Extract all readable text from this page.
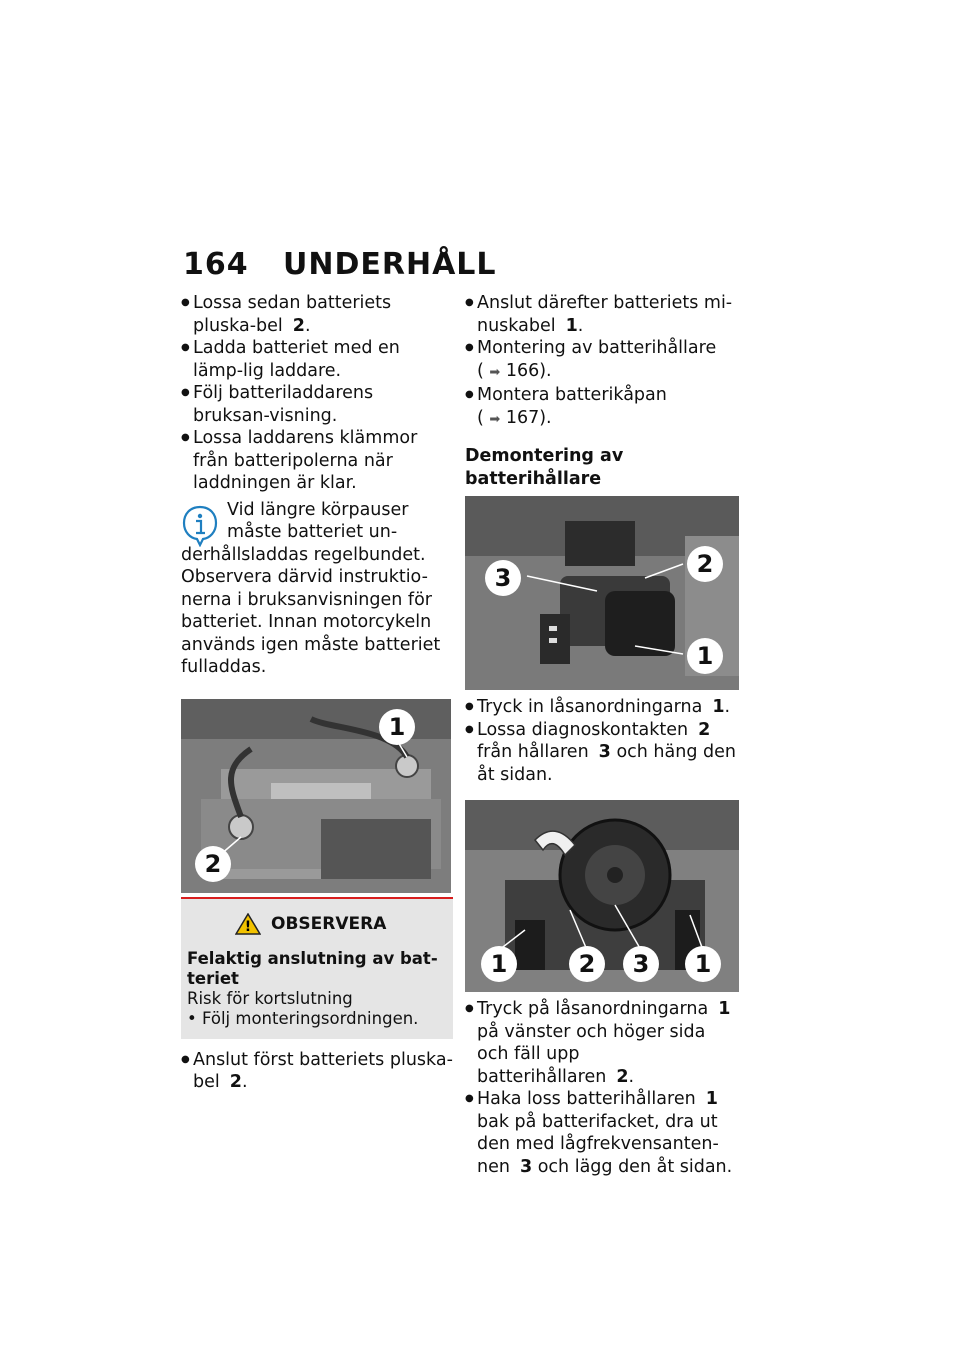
164 UNDERHÅLL
● Lossa sedan batteriets pluska-bel 2.
● Ladda batteriet med en lämp-lig laddare.
● Följ batteriladdarens bruksan-visning.
● Lossa laddarens klämmor från batteripolerna när laddningen är klar.
Vid längre körpauser måste batteriet un-
derhållsladdas regelbundet. Observera därvid instruktio-nerna i bruksanvisningen för batteriet. Innan motorcykeln används igen måste batteriet fulladdas.
1
2
! OBSERVERA
Felaktig anslutning av bat-teriet
Risk för kortslutning
• Följ monteringsordningen.
● Anslut först batteriets pluska-bel 2.
● Anslut därefter batteriets mi-nuskabel 1.
● Montering av batterihållare
( ➡ 166).
● Montera batterikåpan
( ➡ 167).
Demontering av batterihållare
3	2
1
● Tryck in låsanordningarna 1.
● Lossa diagnoskontakten 2 från hållaren 3 och häng den åt sidan.
1	2 3 1
● Tryck på låsanordningarna 1 på vänster och höger sida och fäll upp batterihållaren 2.
● Haka loss batterihållaren 1 bak på batterifacket, dra ut den med lågfrekvensanten-nen 3 och lägg den åt sidan.
